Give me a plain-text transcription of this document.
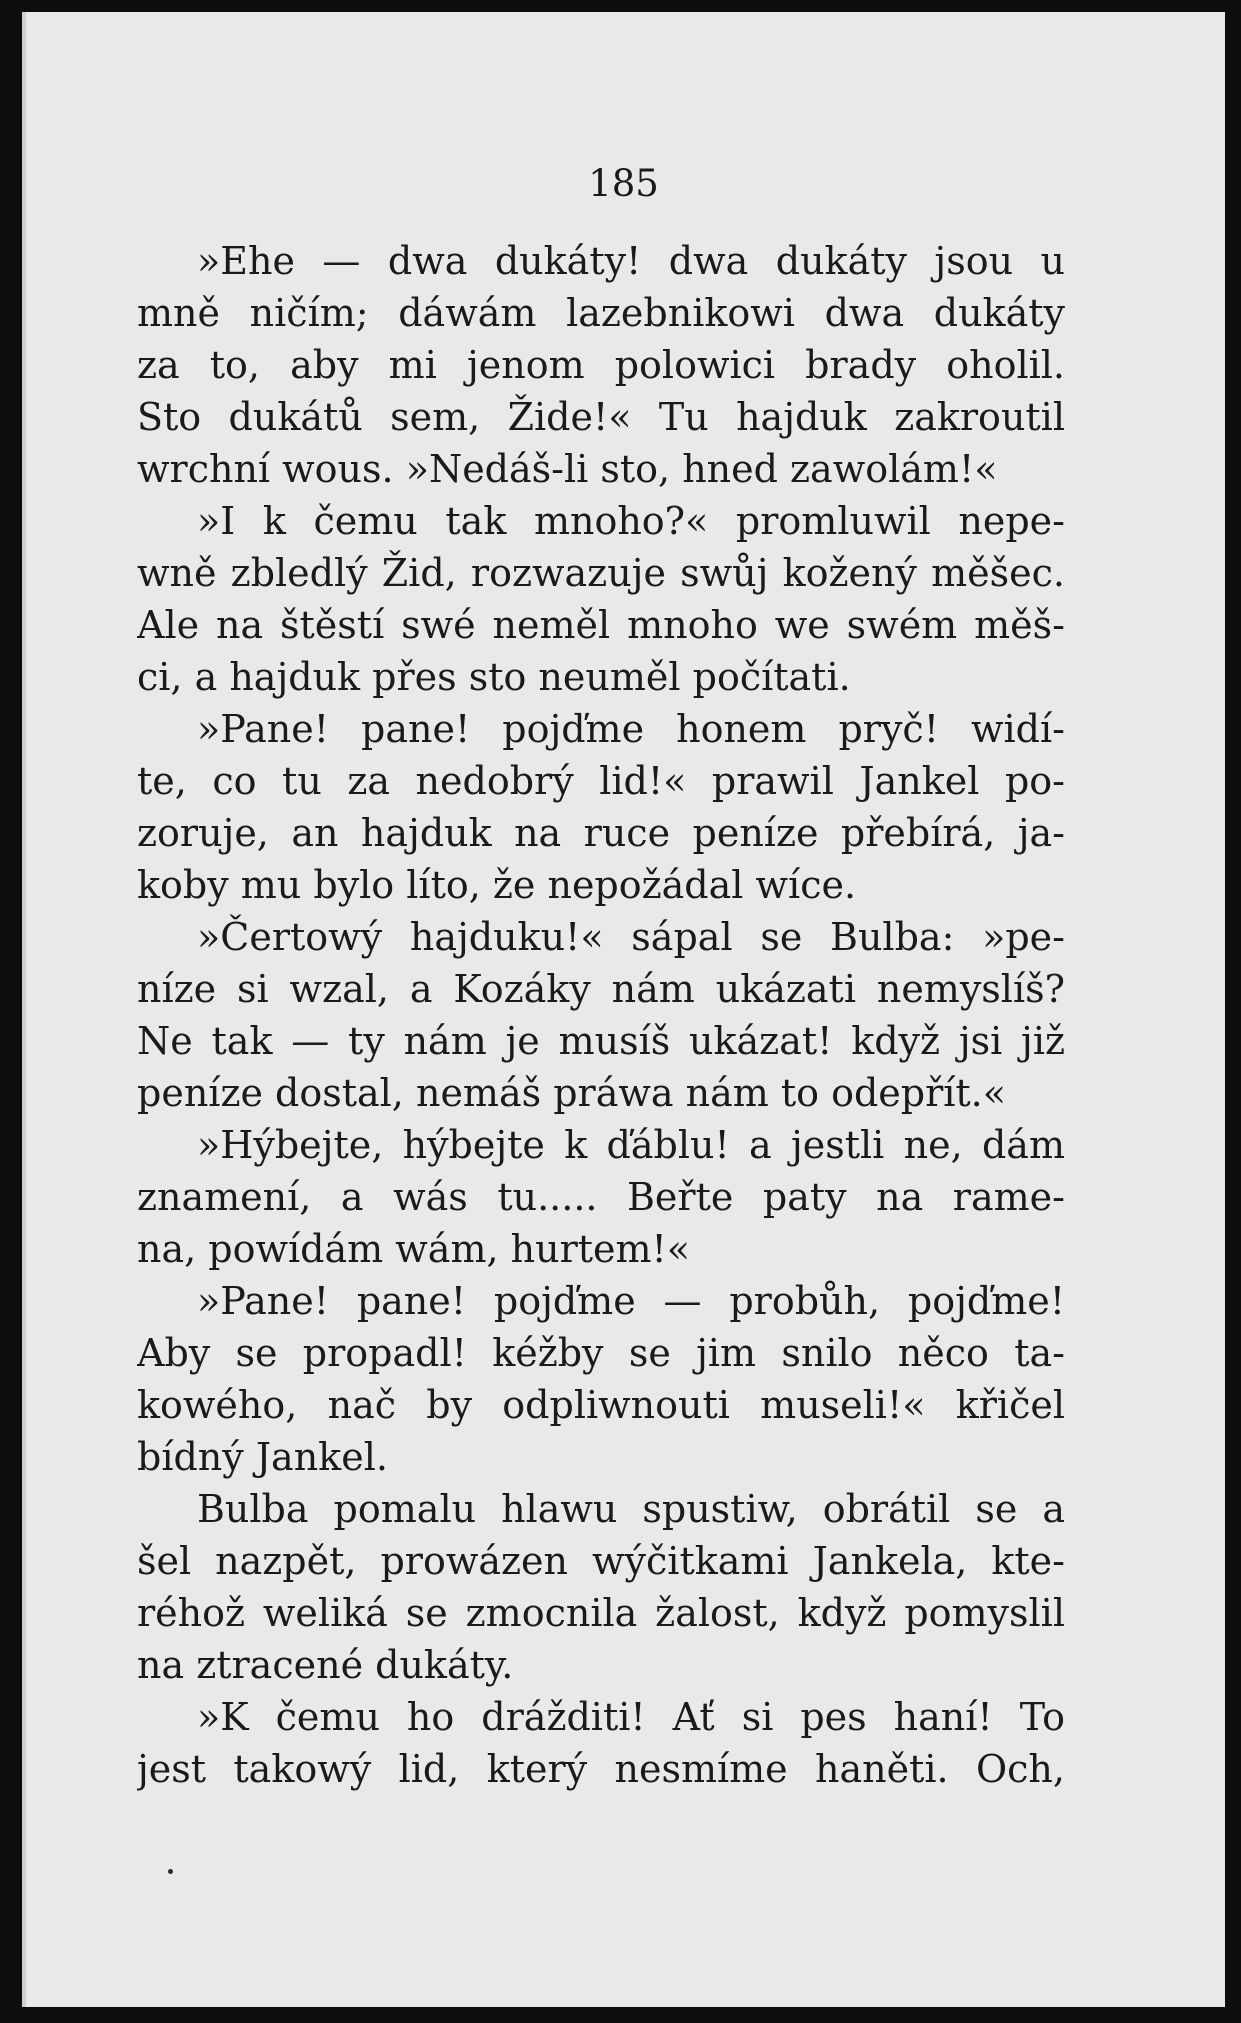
185
»Ehe — dwa dukáty! dwa dukáty jsou u
mně ničím; dáwám lazebnikowi dwa dukáty
za to, aby mi jenom polowici brady oholil.
Sto dukátů sem, Žide!« Tu hajduk zakroutil
wrchní wous. »Nedáš-li sto, hned zawolám!«
»I k čemu tak mnoho?« promluwil nepe-
wně zbledlý Žid, rozwazuje swůj kožený měšec.
Ale na štěstí swé neměl mnoho we swém měš-
ci, a hajduk přes sto neuměl počítati.
»Pane! pane! pojďme honem pryč! widí-
te, co tu za nedobrý lid!« prawil Jankel po-
zoruje, an hajduk na ruce peníze přebírá, ja-
koby mu bylo líto, že nepožádal wíce.
»Čertowý hajduku!« sápal se Bulba: »pe-
níze si wzal, a Kozáky nám ukázati nemyslíš?
Ne tak — ty nám je musíš ukázat! když jsi již
peníze dostal, nemáš práwa nám to odepřít.«
»Hýbejte, hýbejte k ďáblu! a jestli ne, dám
znamení, a wás tu..... Beřte paty na rame-
na, powídám wám, hurtem!«
»Pane! pane! pojďme — probůh, pojďme!
Aby se propadl! kéžby se jim snilo něco ta-
kowého, nač by odpliwnouti museli!« křičel
bídný Jankel.
Bulba pomalu hlawu spustiw, obrátil se a
šel nazpět, prowázen wýčitkami Jankela, kte-
réhož weliká se zmocnila žalost, když pomyslil
na ztracené dukáty.
»K čemu ho drážditi! Ať si pes haní! To
jest takowý lid, který nesmíme haněti. Och,
